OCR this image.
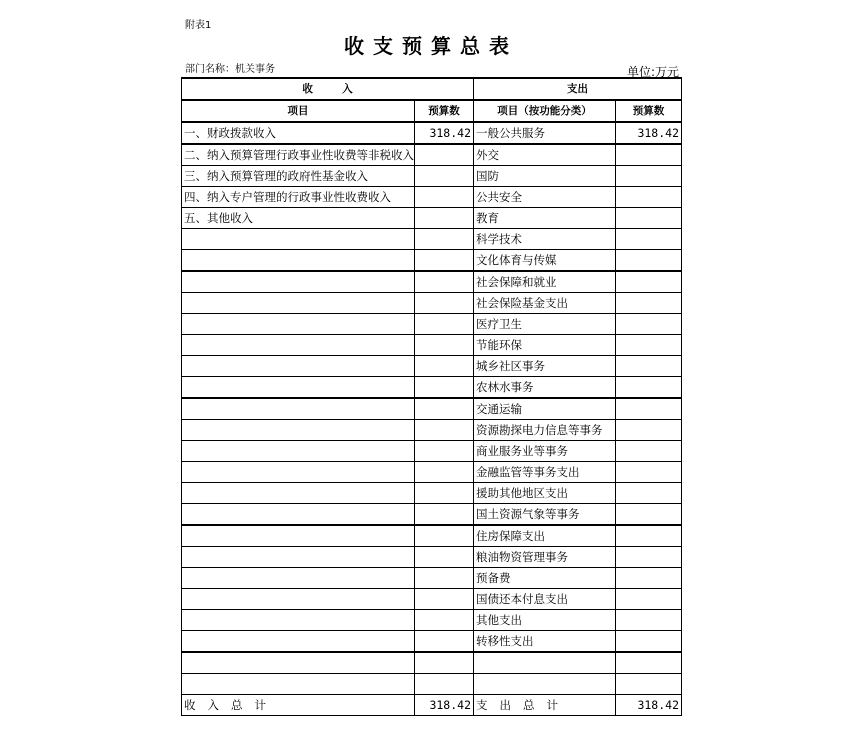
附表1
收支预算总表
部门名称：机关事务	单位:万元
收        入		支出	
项目	预算数	项目（按功能分类）	预算数
一、财政拨款收入	318.42	一般公共服务	318.42
二、纳入预算管理行政事业性收费等非税收入		外交	
三、纳入预算管理的政府性基金收入		国防	
四、纳入专户管理的行政事业性收费收入		公共安全	
五、其他收入		教育	
		科学技术	
		文化体育与传媒	
		社会保障和就业	
		社会保险基金支出	
		医疗卫生	
		节能环保	
		城乡社区事务	
		农林水事务	
		交通运输	
		资源勘探电力信息等事务	
		商业服务业等事务	
		金融监管等事务支出	
		援助其他地区支出	
		国土资源气象等事务	
		住房保障支出	
		粮油物资管理事务	
		预备费	
		国债还本付息支出	
		其他支出	
		转移性支出	

收入总计	318.42	支出总计	318.42
